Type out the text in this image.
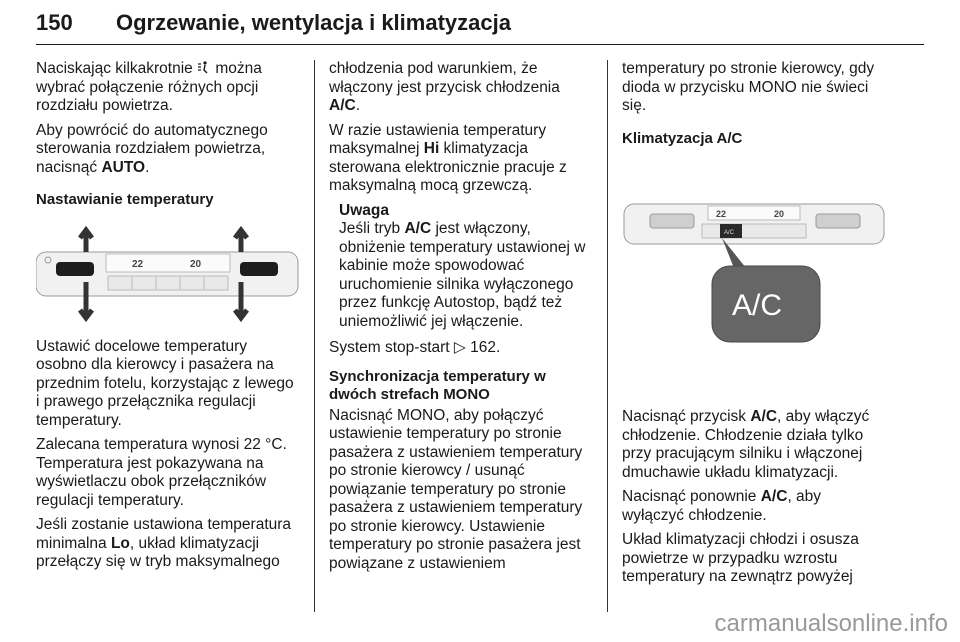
150 Ogrzewanie, wentylacja i klimatyzacja

Naciskając kilkakrotnie  można wybrać połączenie różnych opcji rozdziału powietrza.

Aby powrócić do automatycznego sterowania rozdziałem powietrza, nacisnąć AUTO.

Nastawianie temperatury

22	20

Ustawić docelowe temperatury osobno dla kierowcy i pasażera na przednim fotelu, korzystając z lewego i prawego przełącznika regulacji temperatury.

Zalecana temperatura wynosi 22 °C. Temperatura jest pokazywana na wyświetlaczu obok przełączników regulacji temperatury.

Jeśli zostanie ustawiona temperatura minimalna Lo, układ klimatyzacji przełączy się w tryb maksymalnego

chłodzenia pod warunkiem, że włączony jest przycisk chłodzenia A/C.

W razie ustawienia temperatury maksymalnej Hi klimatyzacja sterowana elektronicznie pracuje z maksymalną mocą grzewczą.

Uwaga
Jeśli tryb A/C jest włączony, obniżenie temperatury ustawionej w kabinie może spowodować uruchomienie silnika wyłączonego przez funkcję Autostop, bądź też uniemożliwić jej włączenie.

System stop-start ▷ 162.

Synchronizacja temperatury w dwóch strefach MONO

Nacisnąć MONO, aby połączyć ustawienie temperatury po stronie pasażera z ustawieniem temperatury po stronie kierowcy / usunąć powiązanie temperatury po stronie pasażera z ustawieniem temperatury po stronie kierowcy. Ustawienie temperatury po stronie pasażera jest powiązane z ustawieniem

temperatury po stronie kierowcy, gdy dioda w przycisku MONO nie świeci się.

Klimatyzacja A/C

22	20
A/C
A/C

Nacisnąć przycisk A/C, aby włączyć chłodzenie. Chłodzenie działa tylko przy pracującym silniku i włączonej dmuchawie układu klimatyzacji.

Nacisnąć ponownie A/C, aby wyłączyć chłodzenie.

Układ klimatyzacji chłodzi i osusza powietrze w przypadku wzrostu temperatury na zewnątrz powyżej

carmanualsonline.info
